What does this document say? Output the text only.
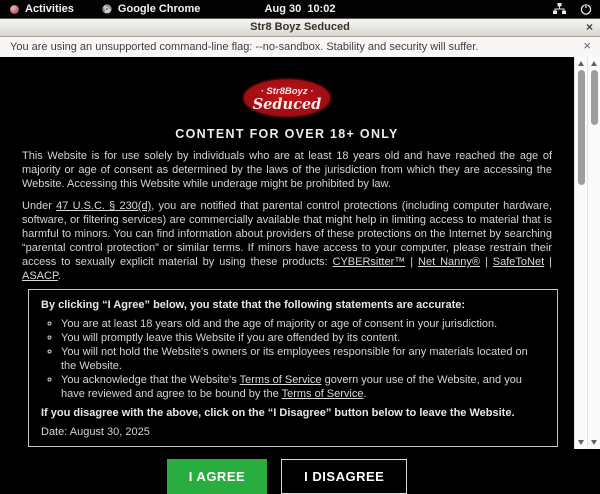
Activities	Google Chrome	Aug 30  10:02
Str8 Boyz Seduced	×
You are using an unsupported command-line flag: --no-sandbox. Stability and security will suffer.	×
· Str8Boyz ·
Seduced
CONTENT FOR OVER 18+ ONLY

This Website is for use solely by individuals who are at least 18 years old and have reached the age of majority or age of consent as determined by the laws of the jurisdiction from which they are accessing the Website. Accessing this Website while underage might be prohibited by law.

Under 47 U.S.C. § 230(d), you are notified that parental control protections (including computer hardware, software, or filtering services) are commercially available that might help in limiting access to material that is harmful to minors. You can find information about providers of these protections on the Internet by searching “parental control protection” or similar terms. If minors have access to your computer, please restrain their access to sexually explicit material by using these products: CYBERsitter™ | Net Nanny® | SafeToNet | ASACP.

By clicking “I Agree” below, you state that the following statements are accurate:
◦ You are at least 18 years old and the age of majority or age of consent in your jurisdiction.
◦ You will promptly leave this Website if you are offended by its content.
◦ You will not hold the Website's owners or its employees responsible for any materials located on the Website.
◦ You acknowledge that the Website's Terms of Service govern your use of the Website, and you have reviewed and agree to be bound by the Terms of Service.
If you disagree with the above, click on the “I Disagree” button below to leave the Website.
Date: August 30, 2025
I AGREE	I DISAGREE
